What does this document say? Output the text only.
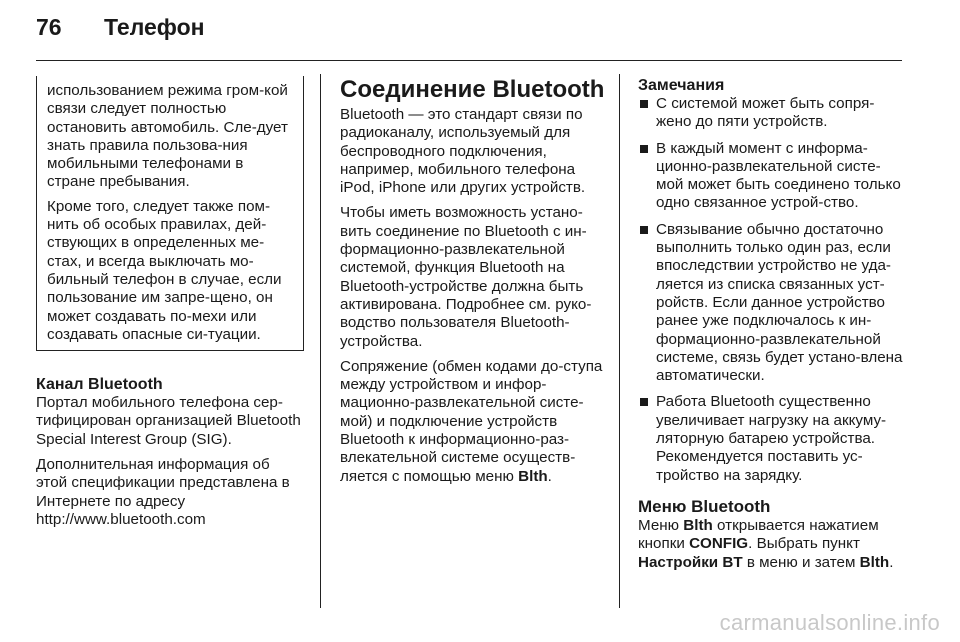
76	Телефон

использованием режима гром-кой связи следует полностью остановить автомобиль. Сле-дует знать правила пользова-ния мобильными телефонами в стране пребывания.

Кроме того, следует также пом-нить об особых правилах, дей-ствующих в определенных ме-стах, и всегда выключать мо-бильный телефон в случае, если пользование им запре-щено, он может создавать по-мехи или создавать опасные си-туации.

Канал Bluetooth

Портал мобильного телефона сер-тифицирован организацией Bluetooth Special Interest Group (SIG).

Дополнительная информация об этой спецификации представлена в Интернете по адресу http://www.bluetooth.com

Соединение Bluetooth

Bluetooth — это стандарт связи по радиоканалу, используемый для беспроводного подключения, например, мобильного телефона iPod, iPhone или других устройств.

Чтобы иметь возможность устано-вить соединение по Bluetooth с ин-формационно-развлекательной системой, функция Bluetooth на Bluetooth-устройстве должна быть активирована. Подробнее см. руко-водство пользователя Bluetooth-устройства.

Сопряжение (обмен кодами до-ступа между устройством и инфор-мационно-развлекательной систе-мой) и подключение устройств Bluetooth к информационно-раз-влекательной системе осуществ-ляется с помощью меню Blth.

Замечания
С системой может быть сопря-жено до пяти устройств.
В каждый момент с информа-ционно-развлекательной систе-мой может быть соединено только одно связанное устрой-ство.
Связывание обычно достаточно выполнить только один раз, если впоследствии устройство не уда-ляется из списка связанных уст-ройств. Если данное устройство ранее уже подключалось к ин-формационно-развлекательной системе, связь будет устано-влена автоматически.
Работа Bluetooth существенно увеличивает нагрузку на аккуму-ляторную батарею устройства. Рекомендуется поставить ус-тройство на зарядку.
Меню Bluetooth

Меню Blth открывается нажатием кнопки CONFIG. Выбрать пункт Настройки BT в меню и затем Blth.

carmanualsonline.info
